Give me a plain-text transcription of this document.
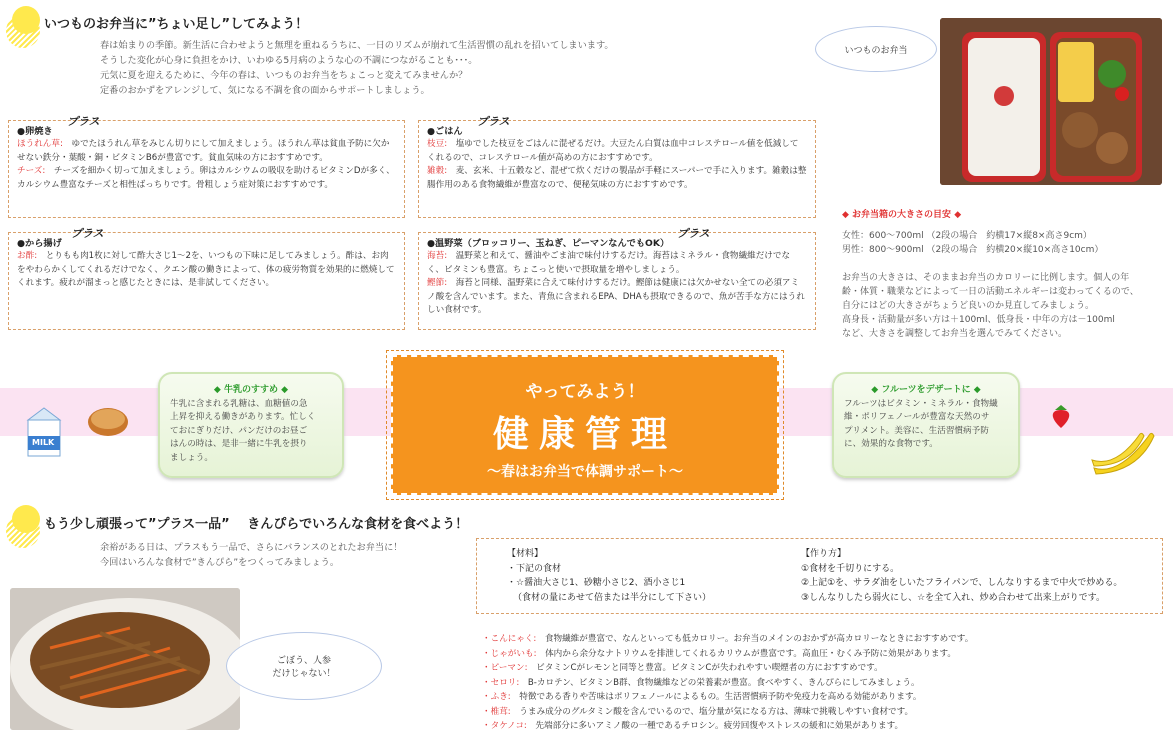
いつものお弁当に”ちょい足し”してみよう！

春は始まりの季節。新生活に合わせようと無理を重ねるうちに、一日のリズムが崩れて生活習慣の乱れを招いてしまいます。

そうした変化が心身に負担をかけ、いわゆる5月病のような心の不調につながることも･･･。

元気に夏を迎えるために、今年の春は、いつものお弁当をちょこっと変えてみませんか？

定番のおかずをアレンジして、気になる不調を食の面からサポートしましょう。

プラス
●卵焼き
ほうれん草:　ゆでたほうれん草をみじん切りにして加えましょう。ほうれん草は貧血予防に欠かせない鉄分・葉酸・銅・ビタミンB6が豊富です。貧血気味の方におすすめです。
チーズ:　チーズを細かく切って加えましょう。卵はカルシウムの吸収を助けるビタミンDが多く、カルシウム豊富なチーズと相性ばっちりです。骨粗しょう症対策におすすめです。
プラス
●から揚げ
お酢:　とりもも肉1枚に対して酢大さじ1～2を、いつもの下味に足してみましょう。酢は、お肉をやわらかくしてくれるだけでなく、クエン酸の働きによって、体の疲労物質を効果的に燃焼してくれます。疲れが溜まっと感じたときには、是非試してください。
プラス
●ごはん
枝豆:　塩ゆでした枝豆をごはんに混ぜるだけ。大豆たん白質は血中コレステロール値を低減してくれるので、コレステロール値が高めの方におすすめです。
雑穀:　麦、玄米、十五穀など、混ぜて炊くだけの製品が手軽にスーパーで手に入ります。雑穀は整腸作用のある食物繊維が豊富なので、便秘気味の方におすすめです。
プラス
●温野菜（ブロッコリー、玉ねぎ、ピーマンなんでもOK）
海苔:　温野菜と和えて、醤油やごま油で味付けするだけ。海苔はミネラル・食物繊維だけでなく、ビタミンも豊富。ちょこっと使いで摂取量を増やしましょう。
鰹節:　海苔と同様、温野菜に合えて味付けするだけ。鰹節は健康には欠かせない全ての必須アミノ酸を含んでいます。また、青魚に含まれるEPA、DHAも摂取できるので、魚が苦手な方にはうれしい食材です。
いつものお弁当
◆ お弁当箱の大きさの目安 ◆
女性：600～700ml （2段の場合　約横17×縦8×高さ9cm）
男性：800～900ml （2段の場合　約横20×縦10×高さ10cm）
お弁当の大きさは、そのままお弁当のカロリーに比例します。個人の年
齢・体質・職業などによって一日の活動エネルギーは変わってくるので、
自分にはどの大きさがちょうど良いのか見直してみましょう。
高身長・活動量が多い方は＋100ml、低身長・中年の方は－100ml
など、大きさを調整してお弁当を選んでみてください。
MILK
◆ 牛乳のすすめ ◆
牛乳に含まれる乳糖は、血糖値の急
上昇を抑える働きがあります。忙しく
ておにぎりだけ、パンだけのお昼ご
はんの時は、是非一緒に牛乳を摂り
ましょう。
やってみよう！
健康管理
～春はお弁当で体調サポート～
◆ フルーツをデザートに ◆
フルーツはビタミン・ミネラル・食物繊
維・ポリフェノールが豊富な天然のサ
プリメント。美容に、生活習慣病予防
に、効果的な食物です。
もう少し頑張って”プラス一品”　 きんぴらでいろんな食材を食べよう！

余裕がある日は、プラスもう一品で、さらにバランスのとれたお弁当に！

今回はいろんな食材で”きんぴら”をつくってみましょう。

ごぼう、人参
だけじゃない！
【材料】
・下記の食材
・☆醤油大さじ1、砂糖小さじ2、酒小さじ1
（食材の量にあせて倍または半分にして下さい）
【作り方】
①食材を千切りにする。
②上記①を、サラダ油をしいたフライパンで、しんなりするまで中火で炒める。
③しんなりしたら弱火にし、☆を全て入れ、炒め合わせて出来上がりです。

・こんにゃく:　食物繊維が豊富で、なんといっても低カロリー。お弁当のメインのおかずが高カロリーなときにおすすめです。

・じゃがいも:　体内から余分なナトリウムを排泄してくれるカリウムが豊富です。高血圧・むくみ予防に効果があります。

・ピーマン:　ビタミンCがレモンと同等と豊富。ビタミンCが失われやすい喫煙者の方におすすめです。

・セロリ:　B-カロテン、ビタミンB群、食物繊維などの栄養素が豊富。食べやすく、きんぴらにしてみましょう。

・ふき:　特徴である香りや苦味はポリフェノールによるもの。生活習慣病予防や免疫力を高める効能があります。

・椎茸:　うまみ成分のグルタミン酸を含んでいるので、塩分量が気になる方は、薄味で挑戦しやすい食材です。

・タケノコ:　先端部分に多いアミノ酸の一種であるチロシン。疲労回復やストレスの緩和に効果があります。
